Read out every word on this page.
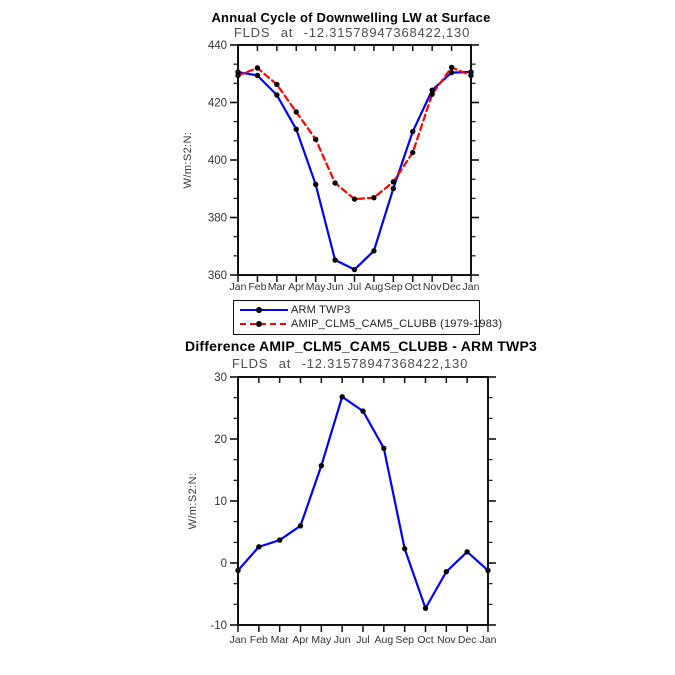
Jan Feb Mar Apr May Jun Jul Aug Sep Oct Nov Dec Jan
360
380
400
420
440
Jan Feb Mar Apr May Jun Jul Aug Sep Oct Nov Dec Jan
-10
0
10
20
30
Annual Cycle of Downwelling LW at Surface
FLDS at -12.31578947368422,130
W/m:S2:N:
ARM TWP3
AMIP_CLM5_CAM5_CLUBB (1979-1983)
Difference AMIP_CLM5_CAM5_CLUBB - ARM TWP3
FLDS at -12.31578947368422,130
W/m:S2:N:
